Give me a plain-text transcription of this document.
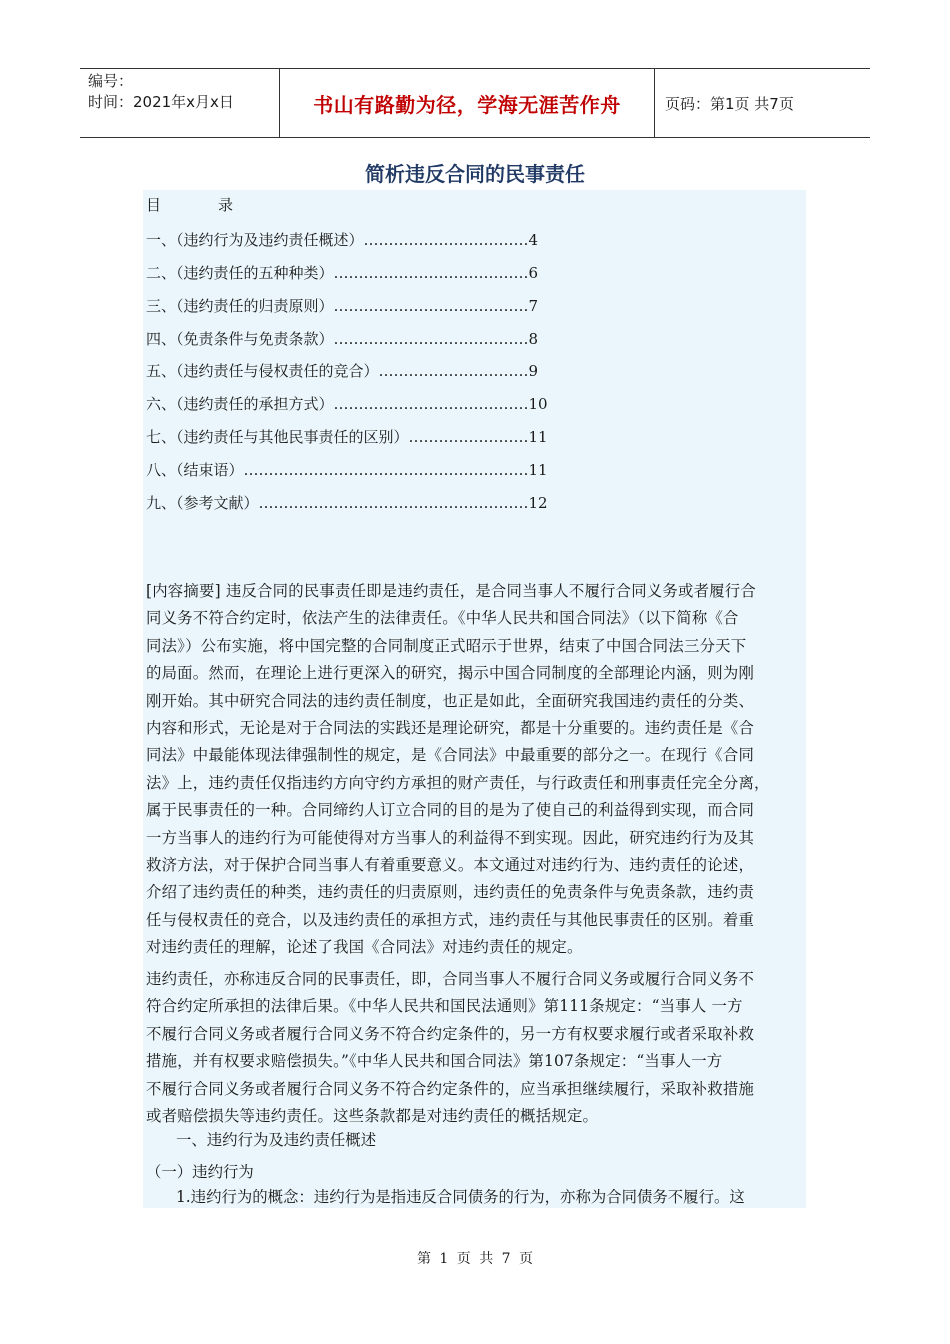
编号：
时间：2021年x月x日	书山有路勤为径，学海无涯苦作舟	页码：第1页 共7页
简析违反合同的民事责任
目	录
一、（违约行为及违约责任概述）……………………………4
二、（违约责任的五种种类）…………………………………6
三、（违约责任的归责原则）…………………………………7
四、（免责条件与免责条款）…………………………………8
五、（违约责任与侵权责任的竞合）…………………………9
六、（违约责任的承担方式）…………………………………10
七、（违约责任与其他民事责任的区别）……………………11
八、（结束语）…………………………………………………11
九、（参考文献）………………………………………………12
[内容摘要] 违反合同的民事责任即是违约责任，是合同当事人不履行合同义务或者履行合
同义务不符合约定时，依法产生的法律责任。《中华人民共和国合同法》（以下简称《合
同法》）公布实施，将中国完整的合同制度正式昭示于世界，结束了中国合同法三分天下
的局面。然而，在理论上进行更深入的研究，揭示中国合同制度的全部理论内涵，则为刚
刚开始。其中研究合同法的违约责任制度，也正是如此，全面研究我国违约责任的分类、
内容和形式，无论是对于合同法的实践还是理论研究，都是十分重要的。违约责任是《合
同法》中最能体现法律强制性的规定，是《合同法》中最重要的部分之一。在现行《合同
法》上，违约责任仅指违约方向守约方承担的财产责任，与行政责任和刑事责任完全分离，
属于民事责任的一种。合同缔约人订立合同的目的是为了使自己的利益得到实现，而合同
一方当事人的违约行为可能使得对方当事人的利益得不到实现。因此，研究违约行为及其
救济方法，对于保护合同当事人有着重要意义。本文通过对违约行为、违约责任的论述，
介绍了违约责任的种类，违约责任的归责原则，违约责任的免责条件与免责条款，违约责
任与侵权责任的竞合，以及违约责任的承担方式，违约责任与其他民事责任的区别。着重
对违约责任的理解，论述了我国《合同法》对违约责任的规定。
违约责任，亦称违反合同的民事责任，即，合同当事人不履行合同义务或履行合同义务不
符合约定所承担的法律后果。《中华人民共和国民法通则》第111条规定：“当事人 一方
不履行合同义务或者履行合同义务不符合约定条件的，另一方有权要求履行或者采取补救
措施，并有权要求赔偿损失。”《中华人民共和国合同法》第107条规定：“当事人一方
不履行合同义务或者履行合同义务不符合约定条件的，应当承担继续履行，采取补救措施
或者赔偿损失等违约责任。这些条款都是对违约责任的概括规定。
一、违约行为及违约责任概述
（一）违约行为
1.违约行为的概念：违约行为是指违反合同债务的行为，亦称为合同债务不履行。这
第 1 页 共 7 页
